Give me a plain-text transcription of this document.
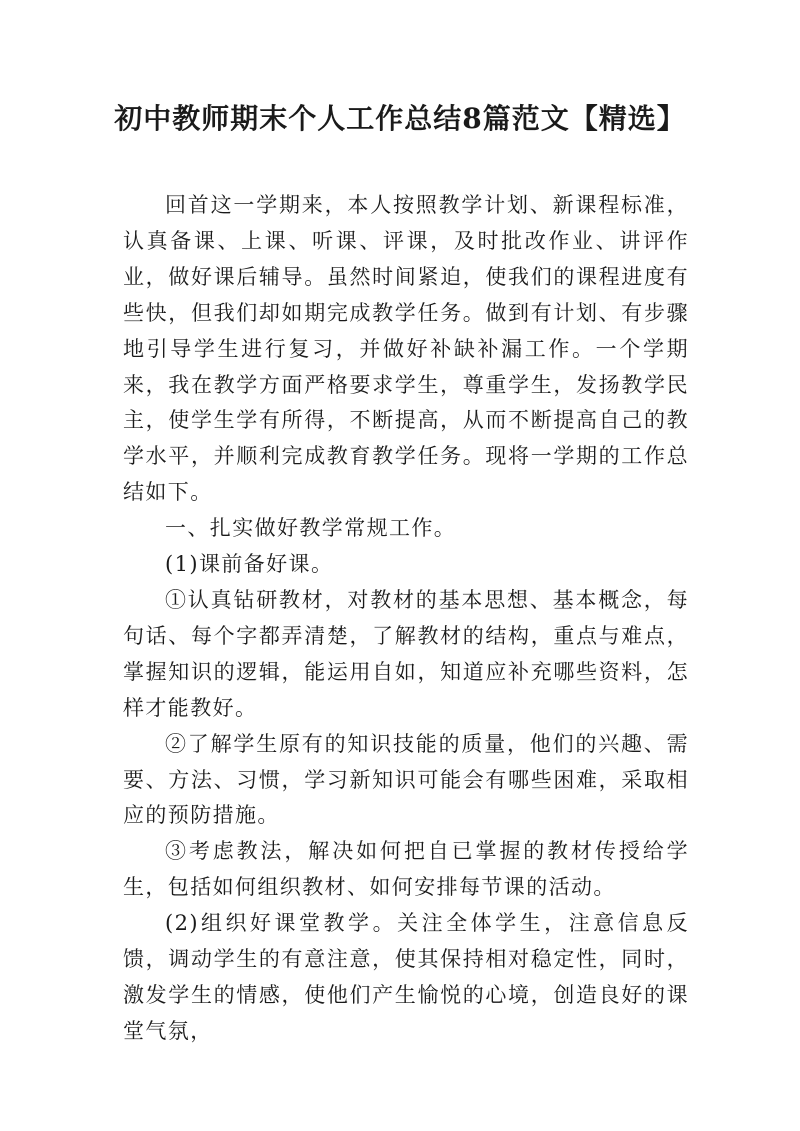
初中教师期末个人工作总结8篇范文【精选】

回首这一学期来，本人按照教学计划、新课程标准，认真备课、上课、听课、评课，及时批改作业、讲评作业，做好课后辅导。虽然时间紧迫，使我们的课程进度有些快，但我们却如期完成教学任务。做到有计划、有步骤地引导学生进行复习，并做好补缺补漏工作。一个学期来，我在教学方面严格要求学生，尊重学生，发扬教学民主，使学生学有所得，不断提高，从而不断提高自己的教学水平，并顺利完成教育教学任务。现将一学期的工作总结如下。

一、扎实做好教学常规工作。

(1)课前备好课。

①认真钻研教材，对教材的基本思想、基本概念，每句话、每个字都弄清楚，了解教材的结构，重点与难点，掌握知识的逻辑，能运用自如，知道应补充哪些资料，怎样才能教好。

②了解学生原有的知识技能的质量，他们的兴趣、需要、方法、习惯，学习新知识可能会有哪些困难，采取相应的预防措施。

③考虑教法，解决如何把自已掌握的教材传授给学生，包括如何组织教材、如何安排每节课的活动。

(2)组织好课堂教学。关注全体学生，注意信息反馈，调动学生的有意注意，使其保持相对稳定性，同时，激发学生的情感，使他们产生愉悦的心境，创造良好的课堂气氛，
